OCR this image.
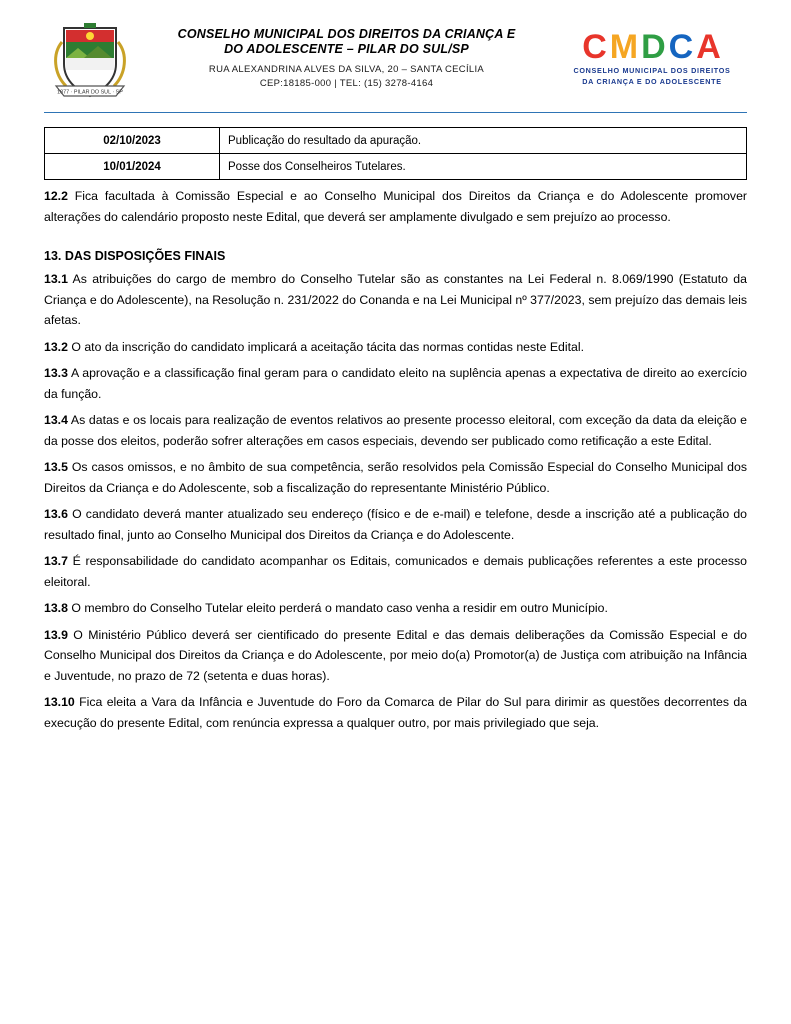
1877 · PILAR DO SUL · SP
CONSELHO MUNICIPAL DOS DIREITOS DA CRIANÇA E
DO ADOLESCENTE – PILAR DO SUL/SP
RUA ALEXANDRINA ALVES DA SILVA, 20 – SANTA CECÍLIA
CEP:18185-000 | TEL: (15) 3278-4164
CMDCA
CONSELHO MUNICIPAL DOS DIREITOS
DA CRIANÇA E DO ADOLESCENTE
02/10/2023	Publicação do resultado da apuração.
10/01/2024	Posse dos Conselheiros Tutelares.

12.2 Fica facultada à Comissão Especial e ao Conselho Municipal dos Direitos da Criança e do Adolescente promover alterações do calendário proposto neste Edital, que deverá ser amplamente divulgado e sem prejuízo ao processo.

13. DAS DISPOSIÇÕES FINAIS

13.1 As atribuições do cargo de membro do Conselho Tutelar são as constantes na Lei Federal n. 8.069/1990 (Estatuto da Criança e do Adolescente), na Resolução n. 231/2022 do Conanda e na Lei Municipal nº 377/2023, sem prejuízo das demais leis afetas.

13.2 O ato da inscrição do candidato implicará a aceitação tácita das normas contidas neste Edital.

13.3 A aprovação e a classificação final geram para o candidato eleito na suplência apenas a expectativa de direito ao exercício da função.

13.4 As datas e os locais para realização de eventos relativos ao presente processo eleitoral, com exceção da data da eleição e da posse dos eleitos, poderão sofrer alterações em casos especiais, devendo ser publicado como retificação a este Edital.

13.5 Os casos omissos, e no âmbito de sua competência, serão resolvidos pela Comissão Especial do Conselho Municipal dos Direitos da Criança e do Adolescente, sob a fiscalização do representante Ministério Público.

13.6 O candidato deverá manter atualizado seu endereço (físico e de e-mail) e telefone, desde a inscrição até a publicação do resultado final, junto ao Conselho Municipal dos Direitos da Criança e do Adolescente.

13.7 É responsabilidade do candidato acompanhar os Editais, comunicados e demais publicações referentes a este processo eleitoral.

13.8 O membro do Conselho Tutelar eleito perderá o mandato caso venha a residir em outro Município.

13.9 O Ministério Público deverá ser cientificado do presente Edital e das demais deliberações da Comissão Especial e do Conselho Municipal dos Direitos da Criança e do Adolescente, por meio do(a) Promotor(a) de Justiça com atribuição na Infância e Juventude, no prazo de 72 (setenta e duas horas).

13.10 Fica eleita a Vara da Infância e Juventude do Foro da Comarca de Pilar do Sul para dirimir as questões decorrentes da execução do presente Edital, com renúncia expressa a qualquer outro, por mais privilegiado que seja.
